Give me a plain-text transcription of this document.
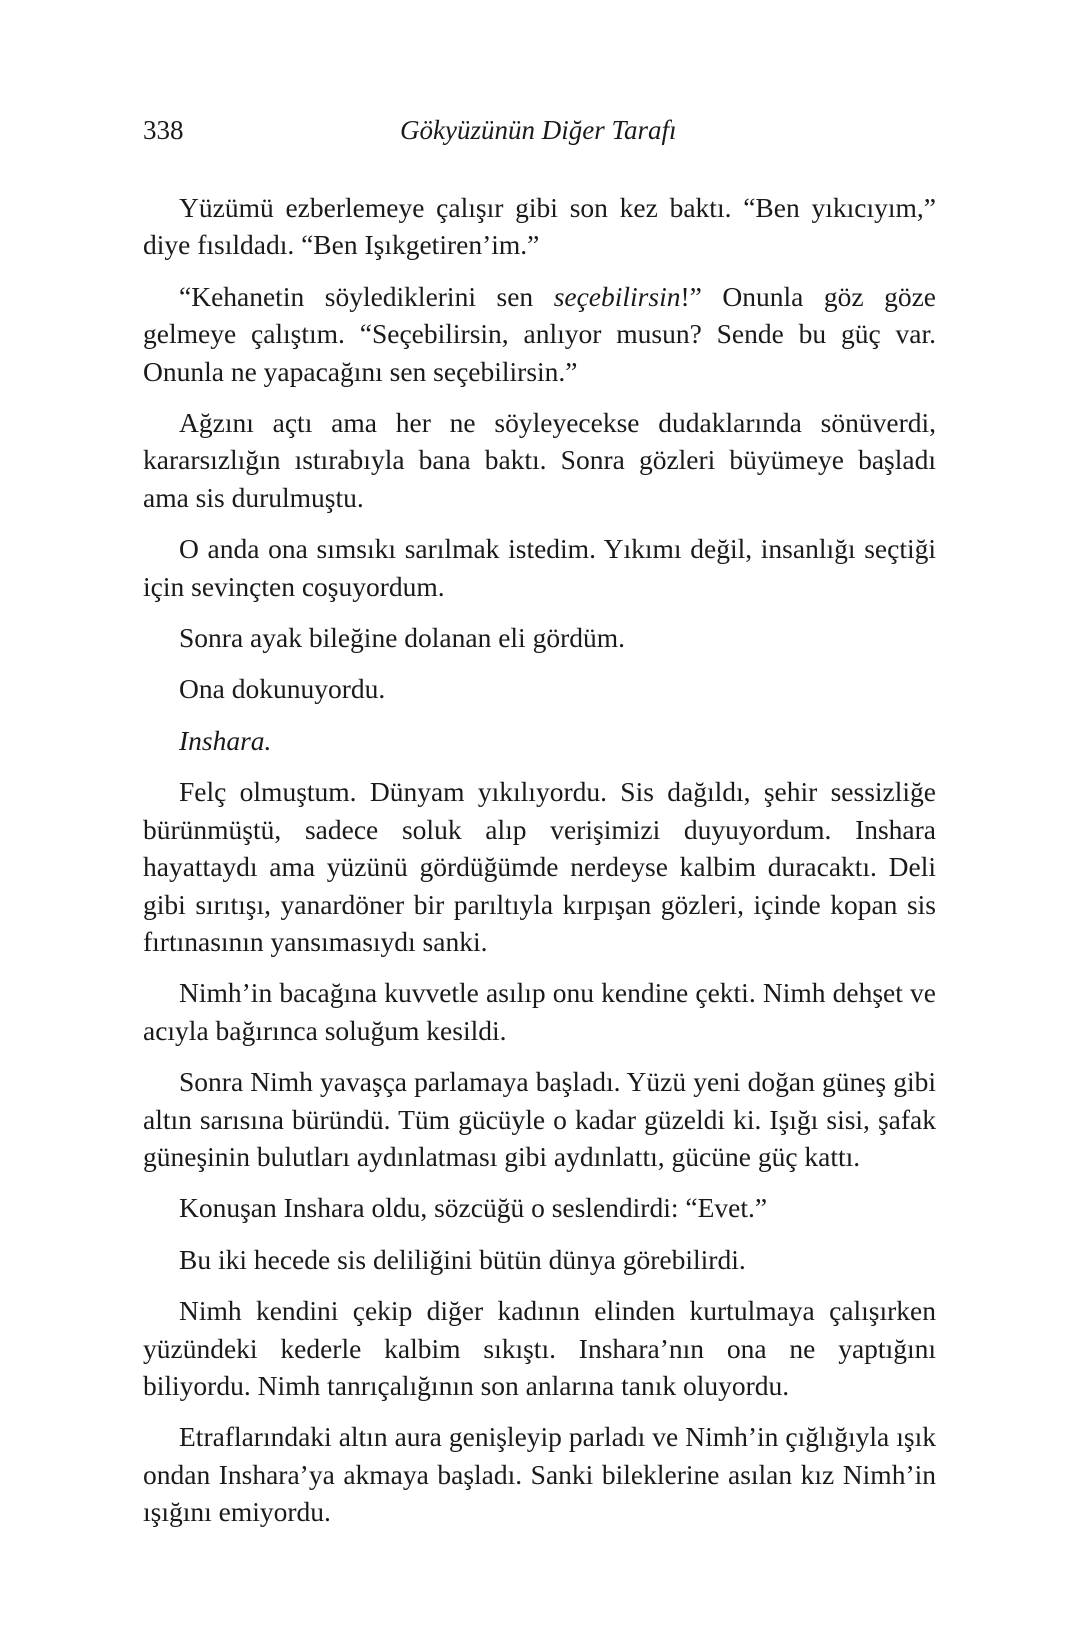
338	Gökyüzünün Diğer Tarafı

Yüzümü ezberlemeye çalışır gibi son kez baktı. “Ben yıkıcıyım,” diye fısıldadı. “Ben Işıkgetiren’im.”

“Kehanetin söylediklerini sen seçebilirsin!” Onunla göz göze gelmeye çalıştım. “Seçebilirsin, anlıyor musun? Sende bu güç var. Onunla ne yapacağını sen seçebilirsin.”

Ağzını açtı ama her ne söyleyecekse dudaklarında sönüverdi, kararsızlığın ıstırabıyla bana baktı. Sonra gözleri büyümeye başladı ama sis durulmuştu.

O anda ona sımsıkı sarılmak istedim. Yıkımı değil, insanlığı seçtiği için sevinçten coşuyordum.

Sonra ayak bileğine dolanan eli gördüm.

Ona dokunuyordu.

Inshara.

Felç olmuştum. Dünyam yıkılıyordu. Sis dağıldı, şehir sessizliğe bürünmüştü, sadece soluk alıp verişimizi duyuyordum. Inshara hayattaydı ama yüzünü gördüğümde nerdeyse kalbim duracaktı. Deli gibi sırıtışı, yanardöner bir parıltıyla kırpışan gözleri, içinde kopan sis fırtınasının yansımasıydı sanki.

Nimh’in bacağına kuvvetle asılıp onu kendine çekti. Nimh dehşet ve acıyla bağırınca soluğum kesildi.

Sonra Nimh yavaşça parlamaya başladı. Yüzü yeni doğan güneş gibi altın sarısına büründü. Tüm gücüyle o kadar güzeldi ki. Işığı sisi, şafak güneşinin bulutları aydınlatması gibi aydınlattı, gücüne güç kattı.

Konuşan Inshara oldu, sözcüğü o seslendirdi: “Evet.”

Bu iki hecede sis deliliğini bütün dünya görebilirdi.

Nimh kendini çekip diğer kadının elinden kurtulmaya çalışırken yüzündeki kederle kalbim sıkıştı. Inshara’nın ona ne yaptığını biliyordu. Nimh tanrıçalığının son anlarına tanık oluyordu.

Etraflarındaki altın aura genişleyip parladı ve Nimh’in çığlığıyla ışık ondan Inshara’ya akmaya başladı. Sanki bileklerine asılan kız Nimh’in ışığını emiyordu.
